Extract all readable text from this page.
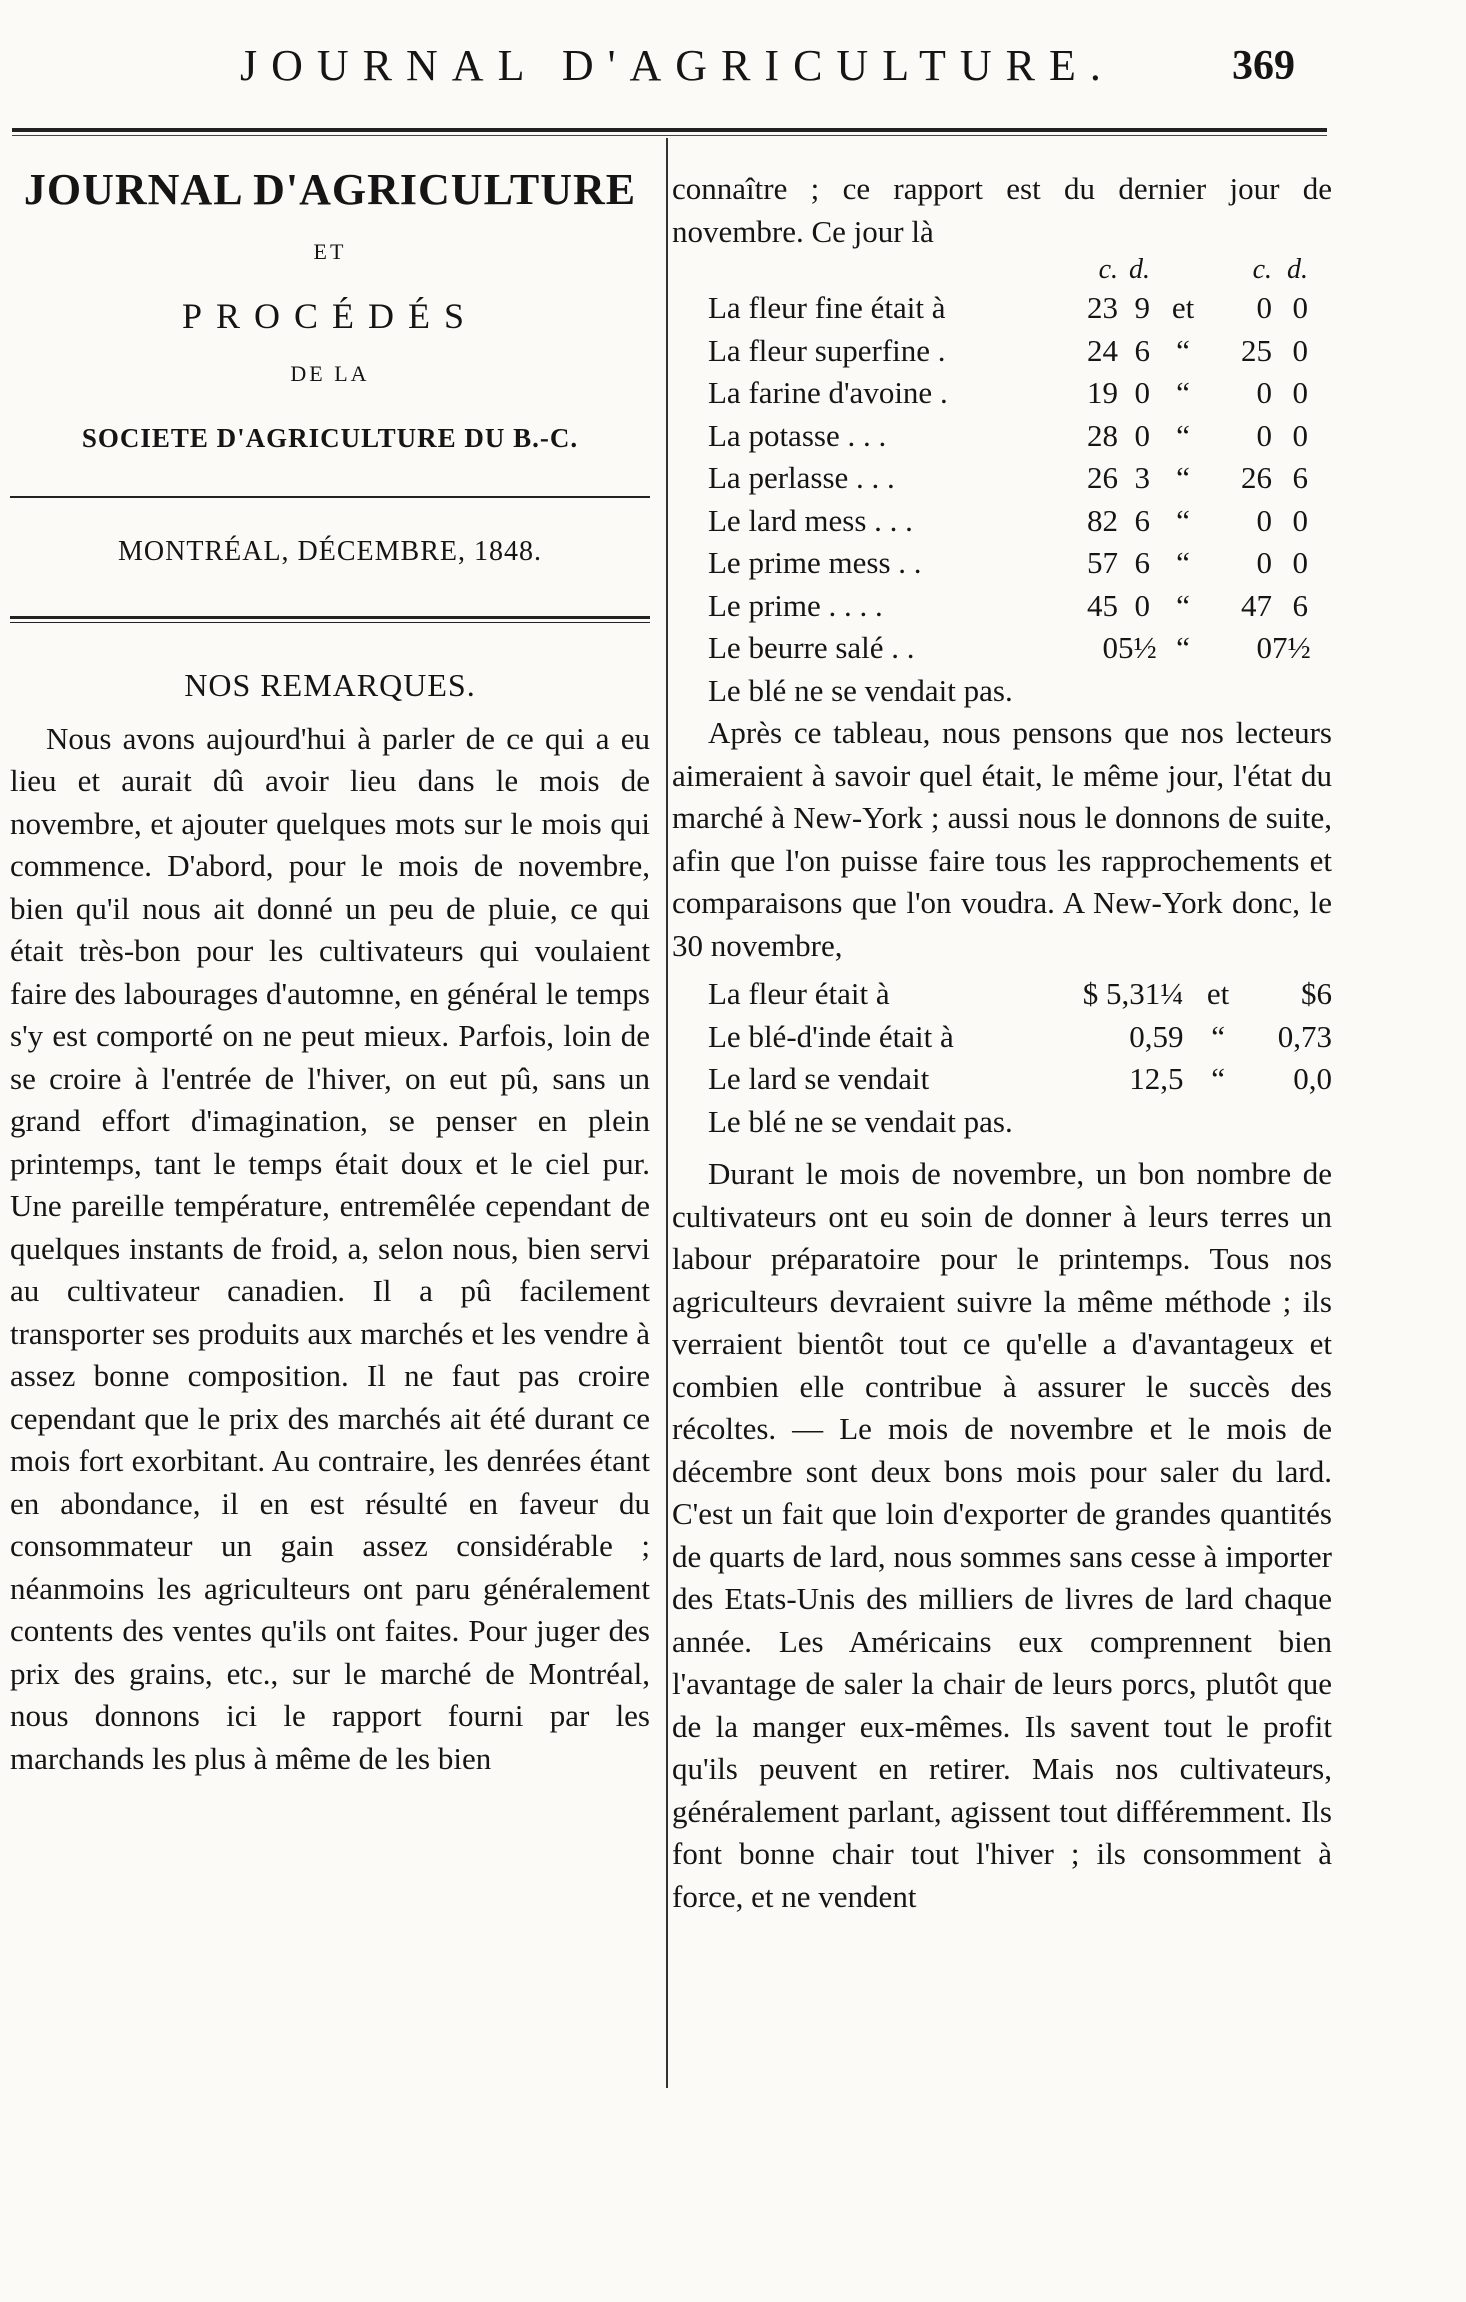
JOURNAL D'AGRICULTURE.	369
JOURNAL D'AGRICULTURE
ET
PROCÉDÉS
DE LA
SOCIETE D'AGRICULTURE DU B.-C.
MONTRÉAL, DÉCEMBRE, 1848.
NOS REMARQUES.

Nous avons aujourd'hui à parler de ce qui a eu lieu et aurait dû avoir lieu dans le mois de novembre, et ajouter quelques mots sur le mois qui commence. D'abord, pour le mois de novembre, bien qu'il nous ait donné un peu de pluie, ce qui était très-bon pour les cultivateurs qui voulaient faire des labourages d'automne, en général le temps s'y est comporté on ne peut mieux. Parfois, loin de se croire à l'entrée de l'hiver, on eut pû, sans un grand effort d'imagination, se penser en plein printemps, tant le temps était doux et le ciel pur. Une pareille température, entremêlée cependant de quelques instants de froid, a, selon nous, bien servi au cultivateur canadien. Il a pû facilement transporter ses produits aux marchés et les vendre à assez bonne composition. Il ne faut pas croire cependant que le prix des marchés ait été durant ce mois fort exorbitant. Au contraire, les denrées étant en abondance, il en est résulté en faveur du consommateur un gain assez considérable ; néanmoins les agriculteurs ont paru généralement contents des ventes qu'ils ont faites. Pour juger des prix des grains, etc., sur le marché de Montréal, nous donnons ici le rapport fourni par les marchands les plus à même de les bien

connaître ; ce rapport est du dernier jour de novembre. Ce jour là

c. d.	c. d.
La fleur fine était à	23 9 et	0 0
La fleur superfine .	24 6 “	25 0
La farine d'avoine .	19 0 “	0 0
La potasse . . .	28 0 “	0 0
La perlasse . . .	26 3 “	26 6
Le lard mess . . .	82 6 “	0 0
Le prime mess . .	57 6 “	0 0
Le prime . . . .	45 0 “	47 6
Le beurre salé . .	0 5½ “	0 7½
Le blé ne se vendait pas.

Après ce tableau, nous pensons que nos lecteurs aimeraient à savoir quel était, le même jour, l'état du marché à New-York ; aussi nous le donnons de suite, afin que l'on puisse faire tous les rapprochements et comparaisons que l'on voudra. A New-York donc, le 30 novembre,

La fleur était à	$ 5,31¼ et	$6
Le blé-d'inde était à	0,59 “	0,73
Le lard se vendait	12,5 “	0,0
Le blé ne se vendait pas.

Durant le mois de novembre, un bon nombre de cultivateurs ont eu soin de donner à leurs terres un labour préparatoire pour le printemps. Tous nos agriculteurs devraient suivre la même méthode ; ils verraient bientôt tout ce qu'elle a d'avantageux et combien elle contribue à assurer le succès des récoltes. — Le mois de novembre et le mois de décembre sont deux bons mois pour saler du lard. C'est un fait que loin d'exporter de grandes quantités de quarts de lard, nous sommes sans cesse à importer des Etats-Unis des milliers de livres de lard chaque année. Les Américains eux comprennent bien l'avantage de saler la chair de leurs porcs, plutôt que de la manger eux-mêmes. Ils savent tout le profit qu'ils peuvent en retirer. Mais nos cultivateurs, généralement parlant, agissent tout différemment. Ils font bonne chair tout l'hiver ; ils consomment à force, et ne vendent
